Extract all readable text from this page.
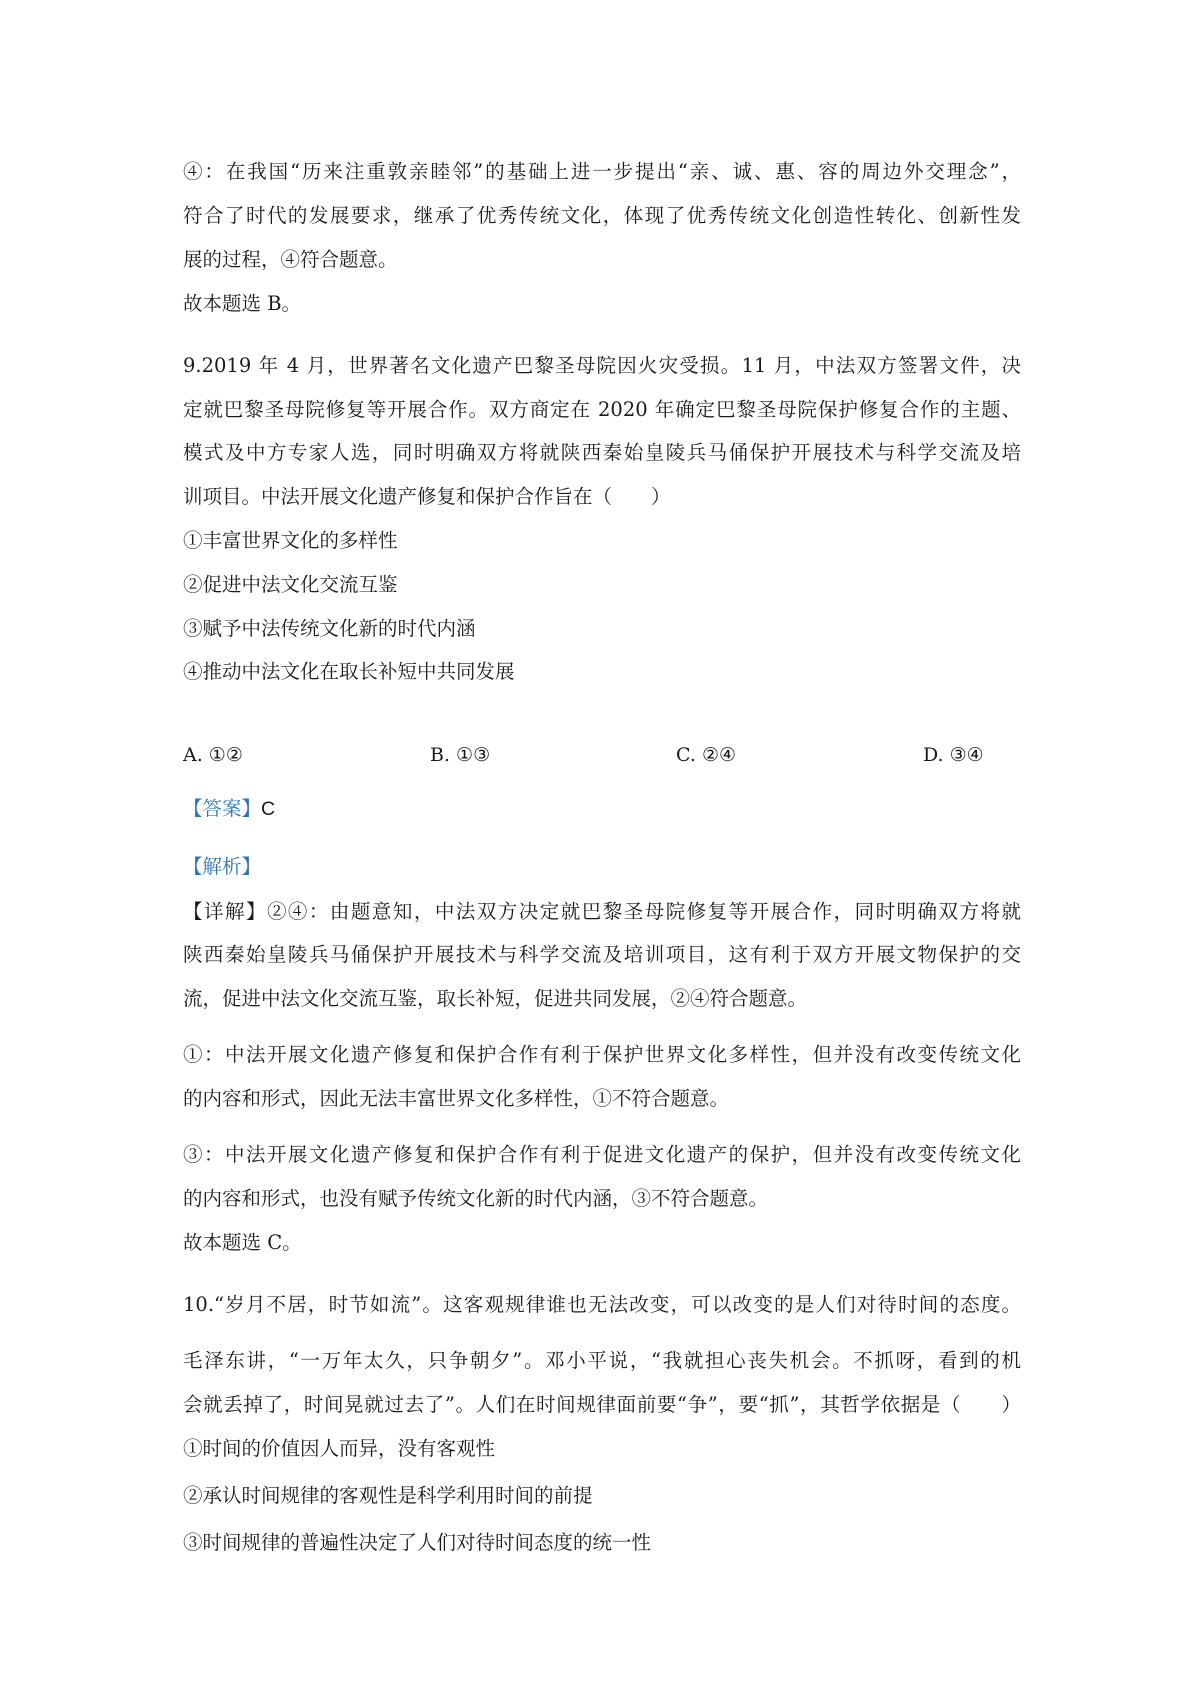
④：在我国“历来注重敦亲睦邻”的基础上进一步提出“亲、诚、惠、容的周边外交理念”，

符合了时代的发展要求，继承了优秀传统文化，体现了优秀传统文化创造性转化、创新性发

展的过程，④符合题意。

故本题选 B。

9.2019 年 4 月，世界著名文化遗产巴黎圣母院因火灾受损。11 月，中法双方签署文件，决

定就巴黎圣母院修复等开展合作。双方商定在 2020 年确定巴黎圣母院保护修复合作的主题、

模式及中方专家人选，同时明确双方将就陕西秦始皇陵兵马俑保护开展技术与科学交流及培

训项目。中法开展文化遗产修复和保护合作旨在（　　）

①丰富世界文化的多样性

②促进中法文化交流互鉴

③赋予中法传统文化新的时代内涵

④推动中法文化在取长补短中共同发展

A. ①②	B. ①③	C. ②④	D. ③④

【答案】C

【解析】

【详解】②④：由题意知，中法双方决定就巴黎圣母院修复等开展合作，同时明确双方将就

陕西秦始皇陵兵马俑保护开展技术与科学交流及培训项目，这有利于双方开展文物保护的交

流，促进中法文化交流互鉴，取长补短，促进共同发展，②④符合题意。

①：中法开展文化遗产修复和保护合作有利于保护世界文化多样性，但并没有改变传统文化

的内容和形式，因此无法丰富世界文化多样性，①不符合题意。

③：中法开展文化遗产修复和保护合作有利于促进文化遗产的保护，但并没有改变传统文化

的内容和形式，也没有赋予传统文化新的时代内涵，③不符合题意。

故本题选 C。

10.“岁月不居，时节如流”。这客观规律谁也无法改变，可以改变的是人们对待时间的态度。

毛泽东讲，“一万年太久，只争朝夕”。邓小平说，“我就担心丧失机会。不抓呀，看到的机

会就丢掉了，时间晃就过去了”。人们在时间规律面前要“争”，要“抓”，其哲学依据是（　　）

①时间的价值因人而异，没有客观性

②承认时间规律的客观性是科学利用时间的前提

③时间规律的普遍性决定了人们对待时间态度的统一性
